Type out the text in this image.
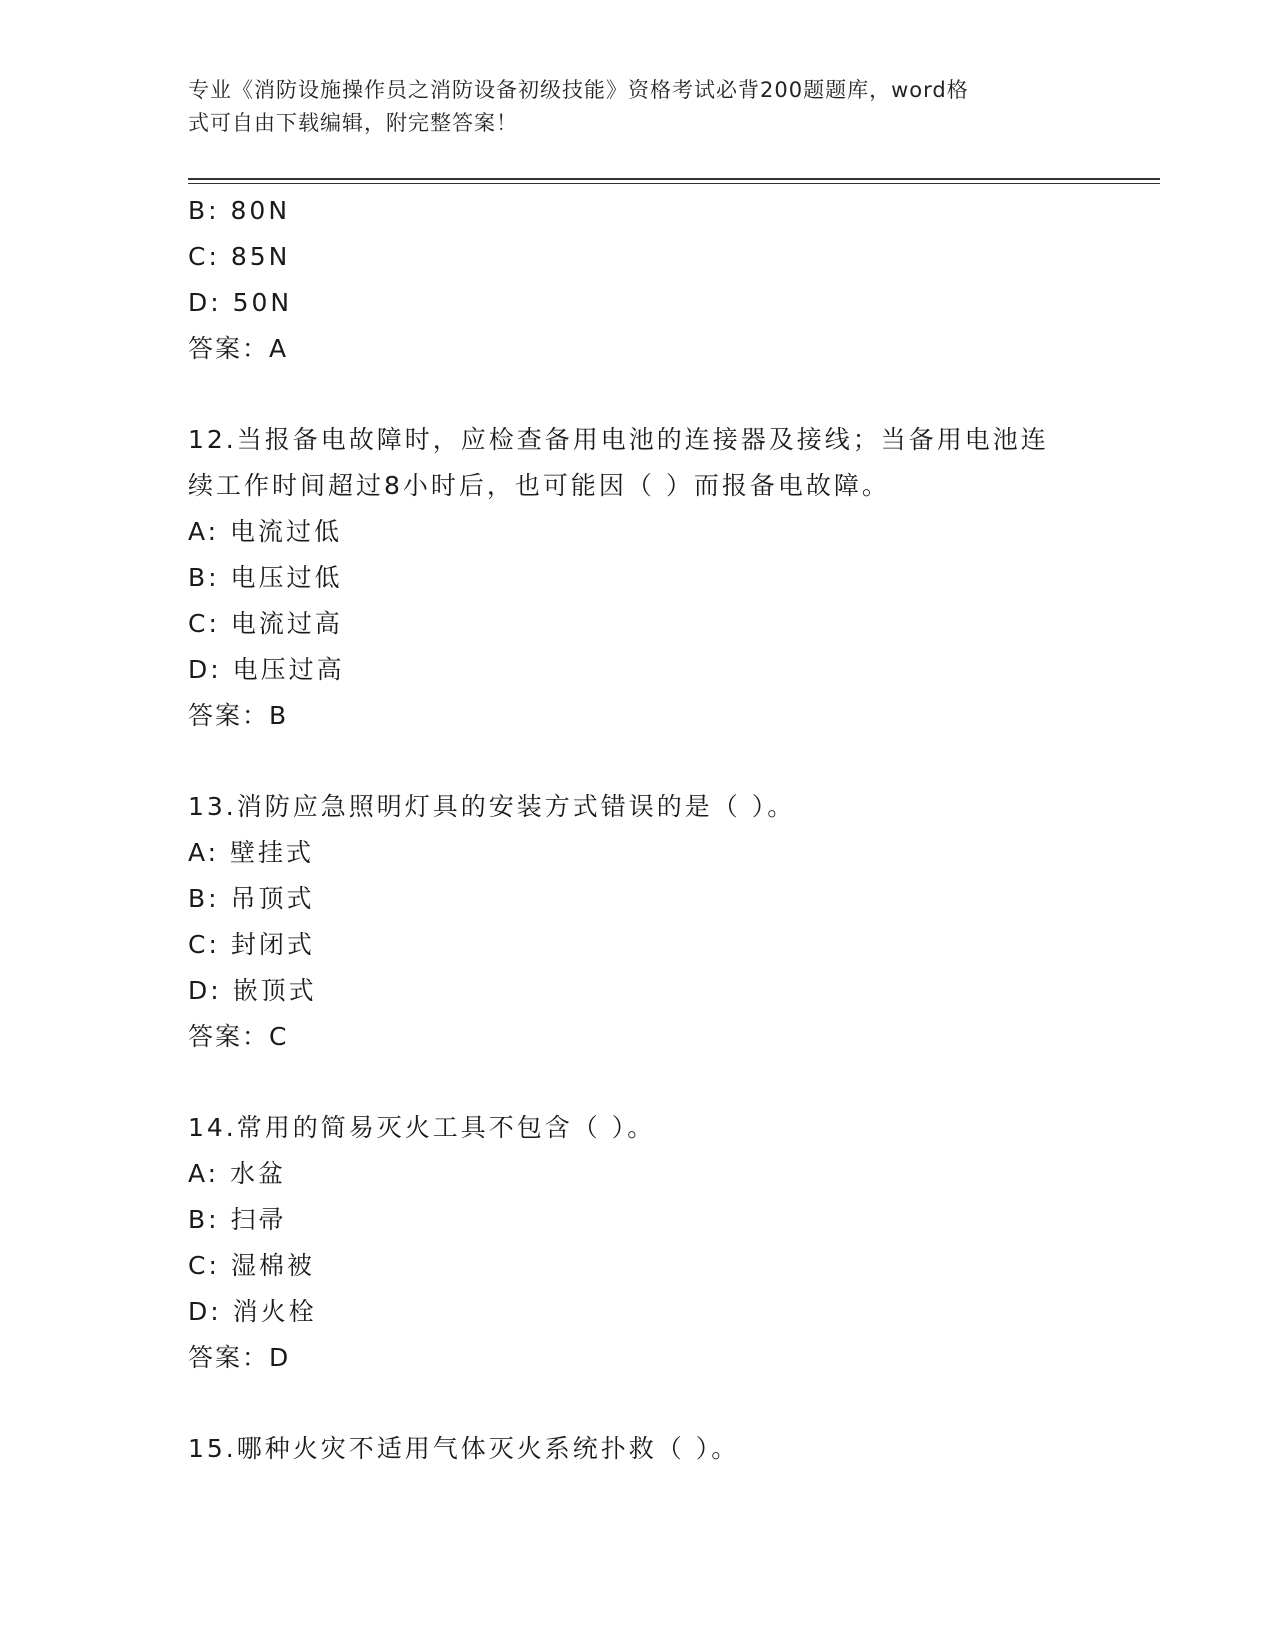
专业《消防设施操作员之消防设备初级技能》资格考试必背200题题库，word格
式可自由下载编辑，附完整答案！
B: 80N
C: 85N
D: 50N
答案：A
12.当报备电故障时，应检查备用电池的连接器及接线；当备用电池连
续工作时间超过8小时后，也可能因（ ）而报备电故障。
A: 电流过低
B: 电压过低
C: 电流过高
D: 电压过高
答案：B
13.消防应急照明灯具的安装方式错误的是（ ）。
A: 壁挂式
B: 吊顶式
C: 封闭式
D: 嵌顶式
答案：C
14.常用的简易灭火工具不包含（ ）。
A: 水盆
B: 扫帚
C: 湿棉被
D: 消火栓
答案：D
15.哪种火灾不适用气体灭火系统扑救（ ）。
